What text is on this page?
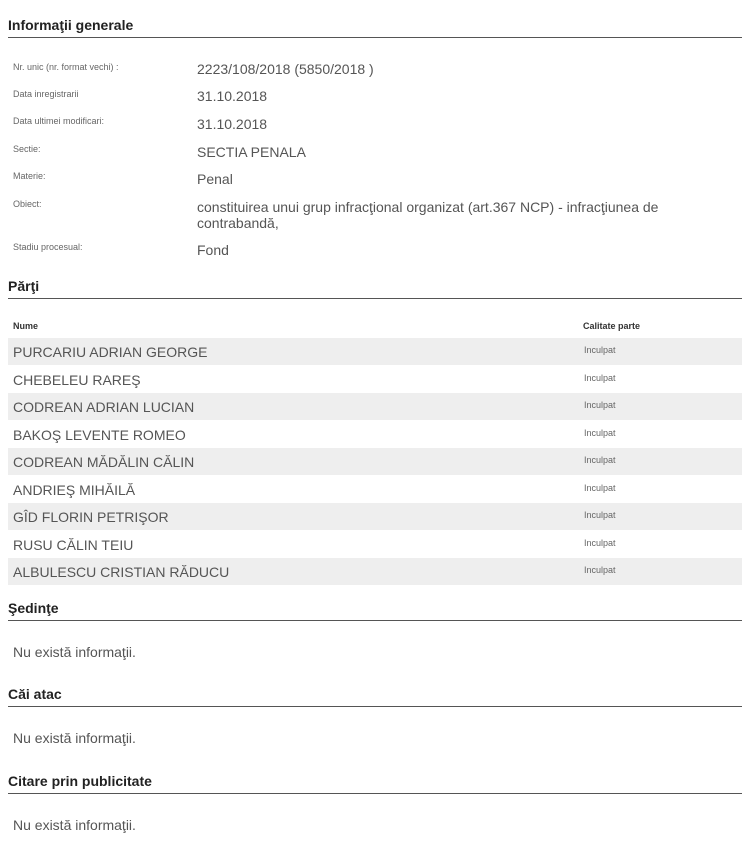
Informaţii generale
Nr. unic (nr. format vechi) :	2223/108/2018 (5850/2018 )
Data inregistrarii	31.10.2018
Data ultimei modificari:	31.10.2018
Sectie:	SECTIA PENALA
Materie:	Penal
Obiect:	constituirea unui grup infracţional organizat (art.367 NCP) - infracţiunea de contrabandă,
Stadiu procesual:	Fond
Părţi
Nume	Calitate parte
PURCARIU ADRIAN GEORGE	Inculpat
CHEBELEU RAREŞ	Inculpat
CODREAN ADRIAN LUCIAN	Inculpat
BAKOŞ LEVENTE ROMEO	Inculpat
CODREAN MĂDĂLIN CĂLIN	Inculpat
ANDRIEŞ MIHĂILĂ	Inculpat
GÎD FLORIN PETRIŞOR	Inculpat
RUSU CĂLIN TEIU	Inculpat
ALBULESCU CRISTIAN RĂDUCU	Inculpat
Şedinţe
Nu există informaţii.
Căi atac
Nu există informaţii.
Citare prin publicitate
Nu există informaţii.
